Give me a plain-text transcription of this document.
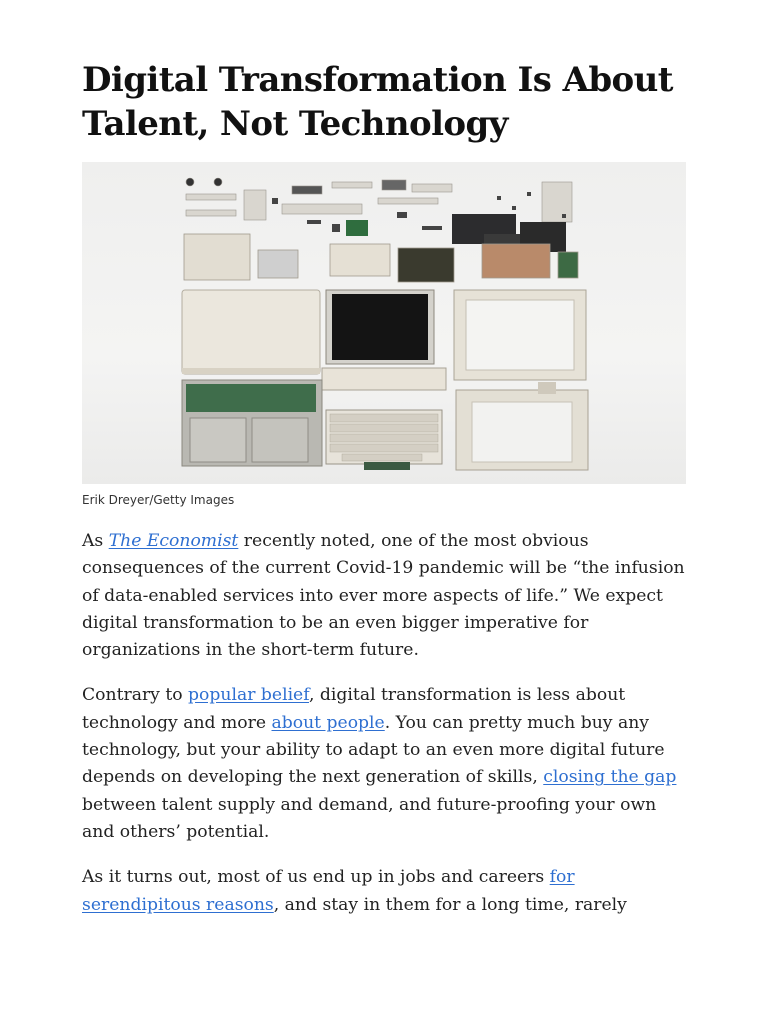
Digital Transformation Is About
Talent, Not Technology
Erik Dreyer/Getty Images

As The Economist recently noted, one of the most obvious consequences of the current Covid-19 pandemic will be “the infusion of data-enabled services into ever more aspects of life.” We expect digital transformation to be an even bigger imperative for organizations in the short-term future.

Contrary to popular belief, digital transformation is less about technology and more about people. You can pretty much buy any technology, but your ability to adapt to an even more digital future depends on developing the next generation of skills, closing the gap between talent supply and demand, and future-proofing your own and others’ potential.

As it turns out, most of us end up in jobs and careers for serendipitous reasons, and stay in them for a long time, rarely
